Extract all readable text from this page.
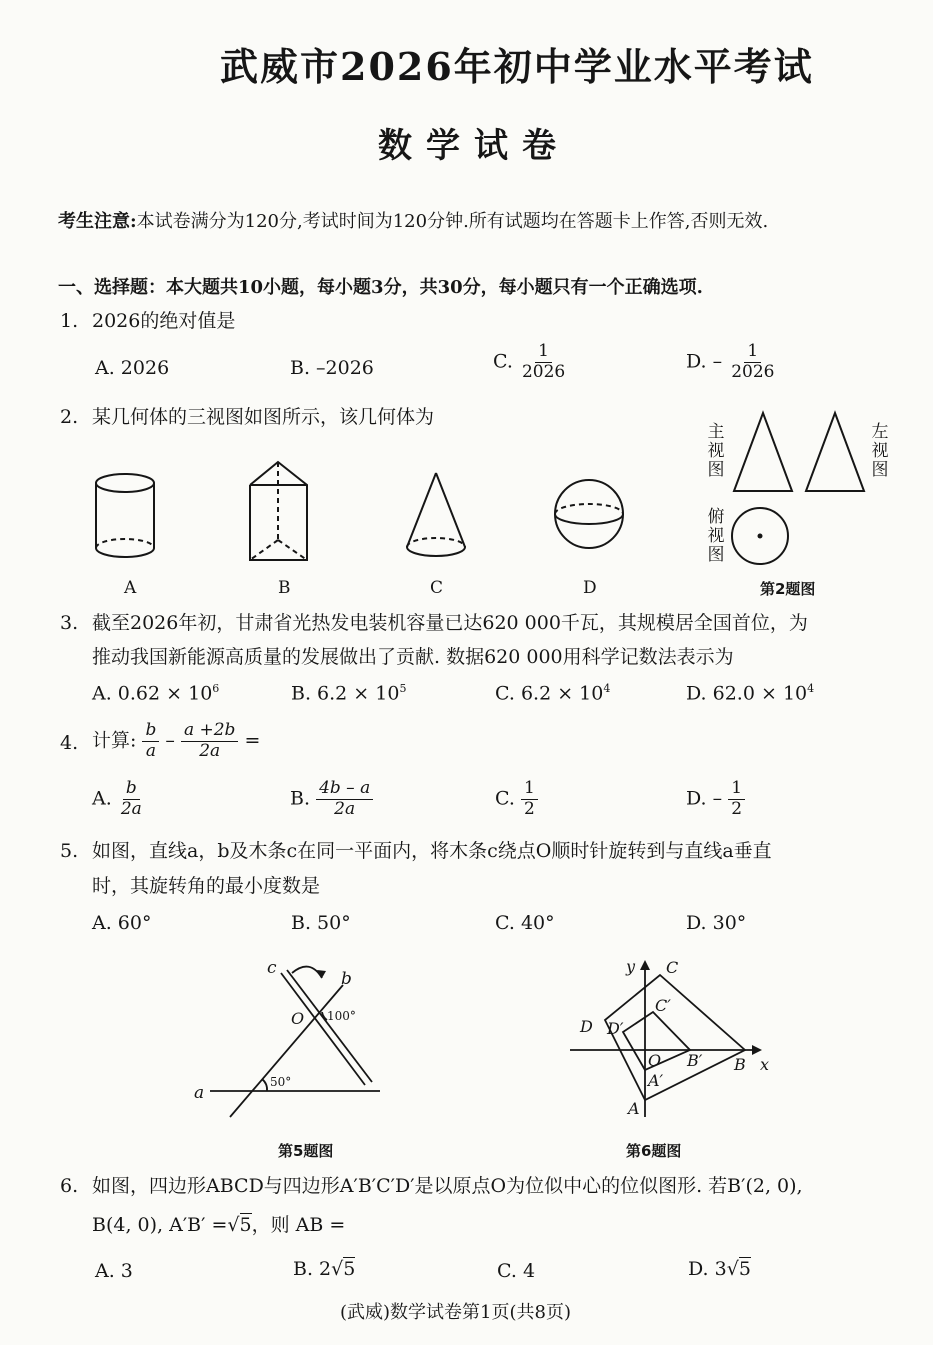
武威市2026年初中学业水平考试
数学试卷
考生注意:本试卷满分为120分,考试时间为120分钟.所有试题均在答题卡上作答,否则无效.
一、选择题：本大题共10小题，每小题3分，共30分，每小题只有一个正确选项.
1. 2026的绝对值是
A. 2026	B. –2026	C. $\frac{1}{2026}$	D. – $\frac{1}{2026}$
2. 某几何体的三视图如图所示，该几何体为
A	B	C	D
主视图
左视图
俯视图
第2题图
3. 截至2026年初，甘肃省光热发电装机容量已达620 000千瓦，其规模居全国首位，为
推动我国新能源高质量的发展做出了贡献. 数据620 000用科学记数法表示为
A. $0.62 \times 10^6$	B. $6.2 \times 10^5$	C. $6.2 \times 10^4$	D. $62.0 \times 10^4$
4. 计算: $\frac{b}{a} - \frac{a +2b}{2a}$ =
A. $\frac{b}{2a}$	B. $\frac{4b - a}{2a}$	C. $\frac{1}{2}$	D. – $\frac{1}{2}$
5. 如图，直线a，b及木条c在同一平面内，将木条c绕点O顺时针旋转到与直线a垂直
时，其旋转角的最小度数是
A. 60°	B. 50°	C. 40°	D. 30°
c
b
O 100°
a
50°
第5题图
y
x
C
C′
D D′
O B′ B
A′
A
第6题图
6. 如图，四边形ABCD与四边形A′B′C′D′是以原点O为位似中心的位似图形. 若B′(2, 0),
B(4, 0), A′B′ =√5，则 AB =
A. 3	B. 2√5	C. 4	D. 3√5
(武威)数学试卷第1页(共8页)
